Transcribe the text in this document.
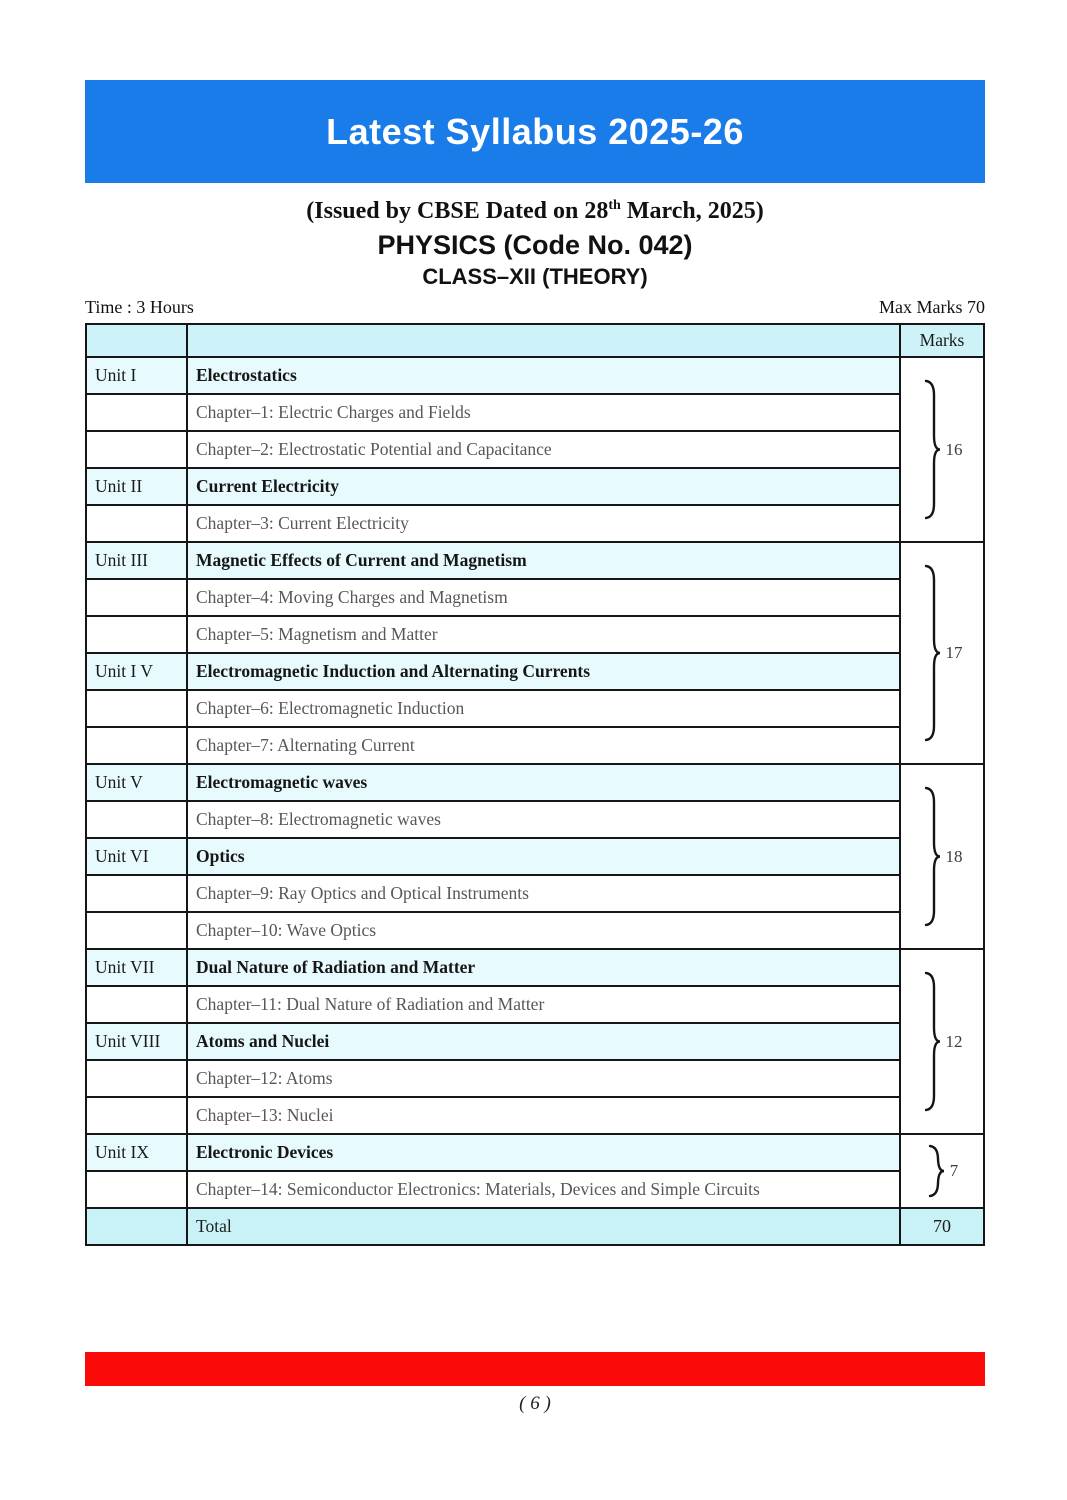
Latest Syllabus 2025-26
(Issued by CBSE Dated on 28th March, 2025)
PHYSICS (Code No. 042)
CLASS–XII (THEORY)
Time : 3 Hours	Max Marks 70
		Marks
Unit I	Electrostatics	16

	Chapter–1: Electric Charges and Fields	
	Chapter–2: Electrostatic Potential and Capacitance	
Unit II	Current Electricity	
	Chapter–3: Current Electricity	
Unit III	Magnetic Effects of Current and Magnetism	17

	Chapter–4: Moving Charges and Magnetism	
	Chapter–5: Magnetism and Matter	
Unit I V	Electromagnetic Induction and Alternating Currents	
	Chapter–6: Electromagnetic Induction	
	Chapter–7: Alternating Current	
Unit V	Electromagnetic waves	18

	Chapter–8: Electromagnetic waves	
Unit VI	Optics	
	Chapter–9: Ray Optics and Optical Instruments	
	Chapter–10: Wave Optics	
Unit VII	Dual Nature of Radiation and Matter	12

	Chapter–11: Dual Nature of Radiation and Matter	
Unit VIII	Atoms and Nuclei	
	Chapter–12: Atoms	
	Chapter–13: Nuclei	
Unit IX	Electronic Devices	7

	Chapter–14: Semiconductor Electronics: Materials, Devices and Simple Circuits	
	Total	70
( 6 )
